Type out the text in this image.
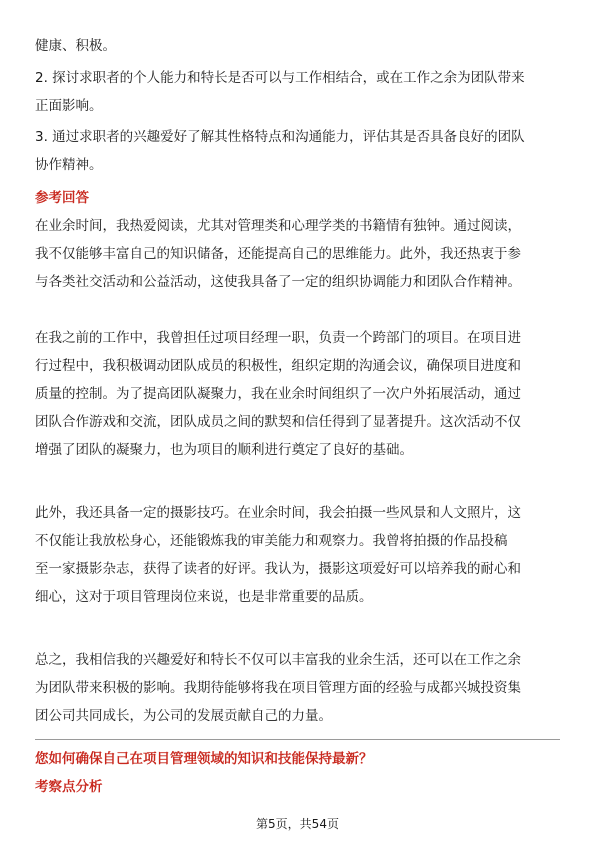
健康、积极。
2. 探讨求职者的个人能力和特长是否可以与工作相结合，或在工作之余为团队带来
正面影响。
3. 通过求职者的兴趣爱好了解其性格特点和沟通能力，评估其是否具备良好的团队
协作精神。
参考回答
在业余时间，我热爱阅读，尤其对管理类和心理学类的书籍情有独钟。通过阅读，
我不仅能够丰富自己的知识储备，还能提高自己的思维能力。此外，我还热衷于参
与各类社交活动和公益活动，这使我具备了一定的组织协调能力和团队合作精神。
在我之前的工作中，我曾担任过项目经理一职，负责一个跨部门的项目。在项目进
行过程中，我积极调动团队成员的积极性，组织定期的沟通会议，确保项目进度和
质量的控制。为了提高团队凝聚力，我在业余时间组织了一次户外拓展活动，通过
团队合作游戏和交流，团队成员之间的默契和信任得到了显著提升。这次活动不仅
增强了团队的凝聚力，也为项目的顺利进行奠定了良好的基础。
此外，我还具备一定的摄影技巧。在业余时间，我会拍摄一些风景和人文照片，这
不仅能让我放松身心，还能锻炼我的审美能力和观察力。我曾将拍摄的作品投稿
至一家摄影杂志，获得了读者的好评。我认为，摄影这项爱好可以培养我的耐心和
细心，这对于项目管理岗位来说，也是非常重要的品质。
总之，我相信我的兴趣爱好和特长不仅可以丰富我的业余生活，还可以在工作之余
为团队带来积极的影响。我期待能够将我在项目管理方面的经验与成都兴城投资集
团公司共同成长，为公司的发展贡献自己的力量。
您如何确保自己在项目管理领域的知识和技能保持最新？
考察点分析
第5页，共54页
